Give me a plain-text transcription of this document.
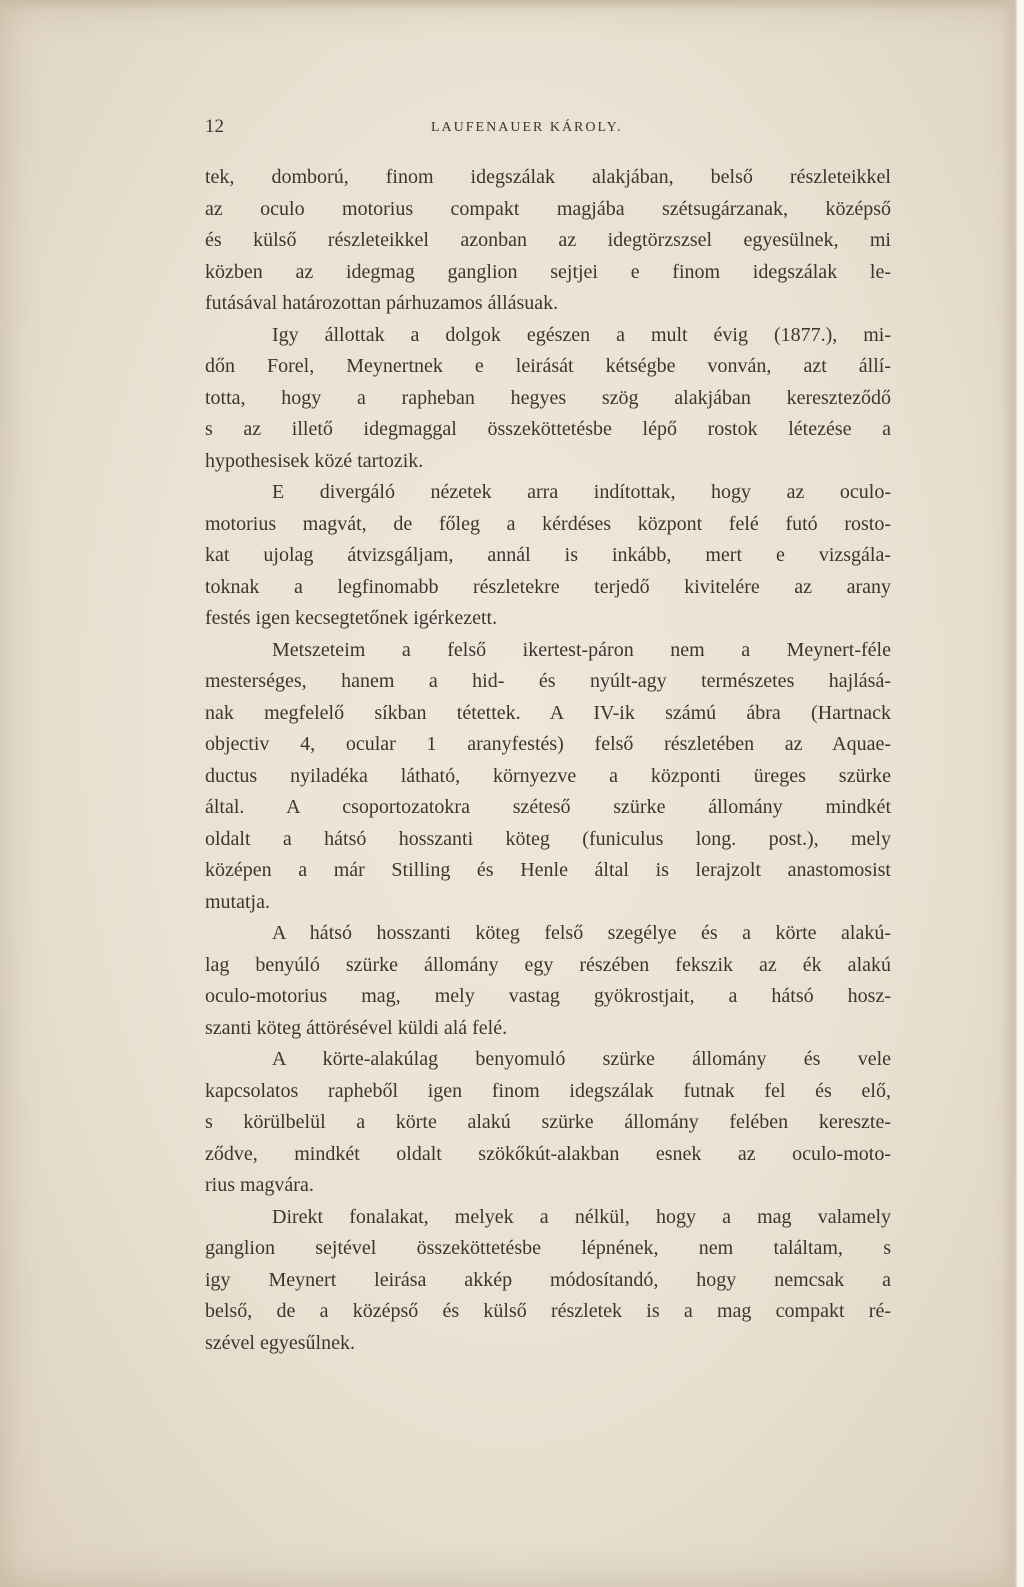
12	LAUFENAUER KÁROLY.
tek, domború, finom idegszálak alakjában, belső részleteikkel
az oculo motorius compakt magjába szétsugárzanak, középső
és külső részleteikkel azonban az idegtörzszsel egyesülnek, mi
közben az idegmag ganglion sejtjei e finom idegszálak le-
futásával határozottan párhuzamos állásuak.
Igy állottak a dolgok egészen a mult évig (1877.), mi-
dőn Forel, Meynertnek e leirását kétségbe vonván, azt állí-
totta, hogy a rapheban hegyes szög alakjában kereszteződő
s az illető idegmaggal összeköttetésbe lépő rostok létezése a
hypothesisek közé tartozik.
E divergáló nézetek arra indítottak, hogy az oculo-
motorius magvát, de főleg a kérdéses központ felé futó rosto-
kat ujolag átvizsgáljam, annál is inkább, mert e vizsgála-
toknak a legfinomabb részletekre terjedő kivitelére az arany
festés igen kecsegtetőnek igérkezett.
Metszeteim a felső ikertest-páron nem a Meynert-féle
mesterséges, hanem a hid- és nyúlt-agy természetes hajlásá-
nak megfelelő síkban tétettek. A IV-ik számú ábra (Hartnack
objectiv 4, ocular 1 aranyfestés) felső részletében az Aquae-
ductus nyiladéka látható, környezve a központi üreges szürke
által. A csoportozatokra széteső szürke állomány mindkét
oldalt a hátsó hosszanti köteg (funiculus long. post.), mely
középen a már Stilling és Henle által is lerajzolt anastomosist
mutatja.
A hátsó hosszanti köteg felső szegélye és a körte alakú-
lag benyúló szürke állomány egy részében fekszik az ék alakú
oculo-motorius mag, mely vastag gyökrostjait, a hátsó hosz-
szanti köteg áttörésével küldi alá felé.
A körte-alakúlag benyomuló szürke állomány és vele
kapcsolatos rapheből igen finom idegszálak futnak fel és elő,
s körülbelül a körte alakú szürke állomány felében keresztе-
ződve, mindkét oldalt szökőkút-alakban esnek az oculo-moto-
rius magvára.
Direkt fonalakat, melyek a nélkül, hogy a mag valamely
ganglion sejtével összeköttetésbe lépnének, nem találtam, s
igy Meynert leirása akkép módosítandó, hogy nemcsak a
belső, de a középső és külső részletek is a mag compakt ré-
szével egyesűlnek.
